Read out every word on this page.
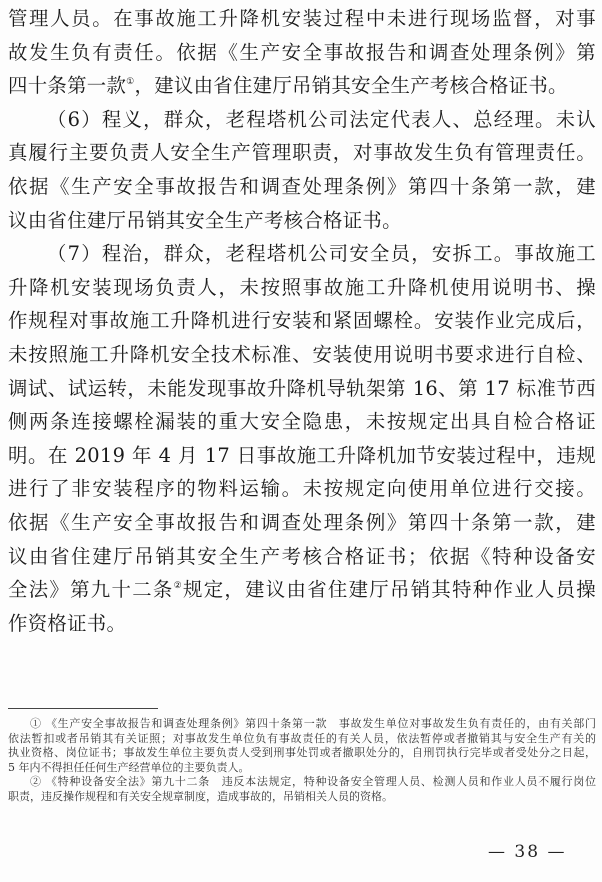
管理人员。在事故施工升降机安装过程中未进行现场监督，对事
故发生负有责任。依据《生产安全事故报告和调查处理条例》第
四十条第一款①，建议由省住建厅吊销其安全生产考核合格证书。
（6）程义，群众，老程塔机公司法定代表人、总经理。未认
真履行主要负责人安全生产管理职责，对事故发生负有管理责任。
依据《生产安全事故报告和调查处理条例》第四十条第一款，建
议由省住建厅吊销其安全生产考核合格证书。
（7）程治，群众，老程塔机公司安全员，安拆工。事故施工
升降机安装现场负责人，未按照事故施工升降机使用说明书、操
作规程对事故施工升降机进行安装和紧固螺栓。安装作业完成后，
未按照施工升降机安全技术标准、安装使用说明书要求进行自检、
调试、试运转，未能发现事故升降机导轨架第 16、第 17 标准节西
侧两条连接螺栓漏装的重大安全隐患，未按规定出具自检合格证
明。在 2019 年 4 月 17 日事故施工升降机加节安装过程中，违规
进行了非安装程序的物料运输。未按规定向使用单位进行交接。
依据《生产安全事故报告和调查处理条例》第四十条第一款，建
议由省住建厅吊销其安全生产考核合格证书；依据《特种设备安
全法》第九十二条②规定，建议由省住建厅吊销其特种作业人员操
作资格证书。
① 《生产安全事故报告和调查处理条例》第四十条第一款　事故发生单位对事故发生负有责任的，由有关部门
依法暂扣或者吊销其有关证照；对事故发生单位负有事故责任的有关人员，依法暂停或者撤销其与安全生产有关的
执业资格、岗位证书；事故发生单位主要负责人受到刑事处罚或者撤职处分的，自刑罚执行完毕或者受处分之日起，
5 年内不得担任任何生产经营单位的主要负责人。
② 《特种设备安全法》第九十二条　违反本法规定，特种设备安全管理人员、检测人员和作业人员不履行岗位
职责，违反操作规程和有关安全规章制度，造成事故的，吊销相关人员的资格。
— 38 —
